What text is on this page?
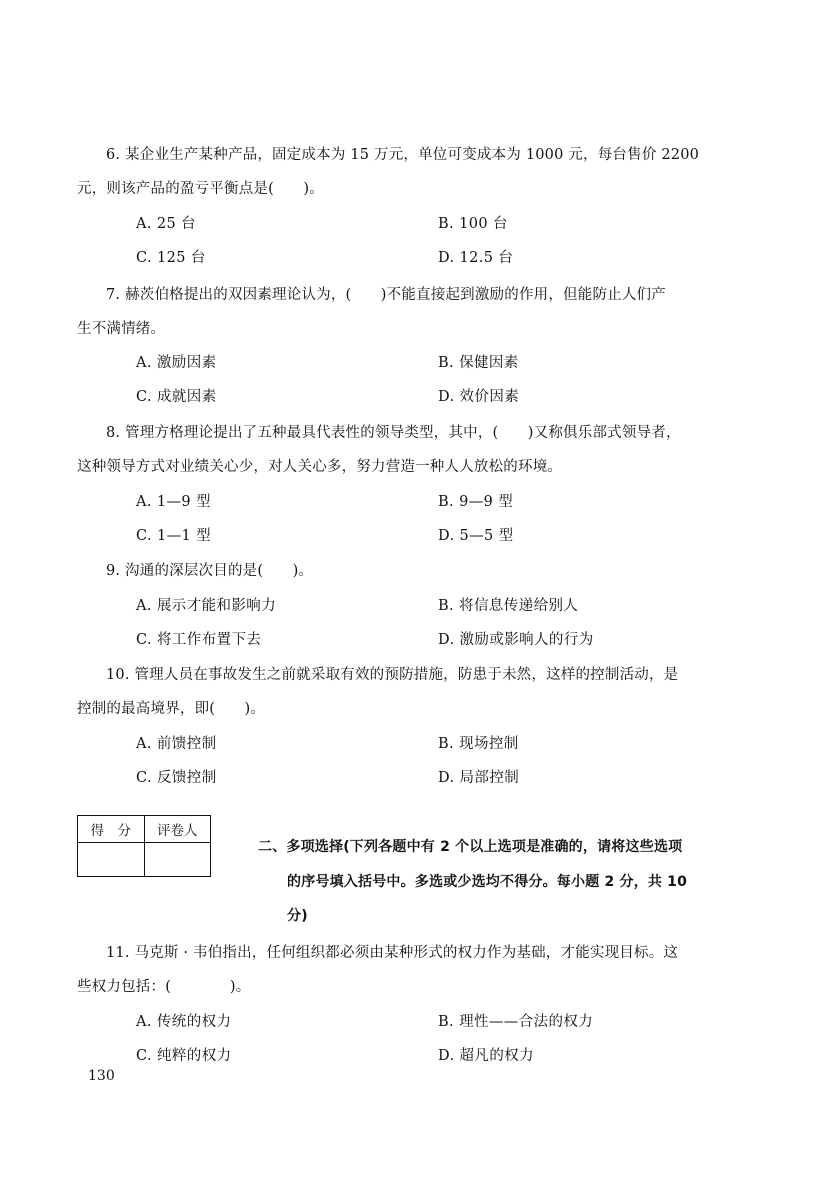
6. 某企业生产某种产品，固定成本为 15 万元，单位可变成本为 1000 元，每台售价 2200
元，则该产品的盈亏平衡点是(　　)。
A. 25 台	B. 100 台
C. 125 台	D. 12.5 台
7. 赫茨伯格提出的双因素理论认为，(　　)不能直接起到激励的作用，但能防止人们产
生不满情绪。
A. 激励因素	B. 保健因素
C. 成就因素	D. 效价因素
8. 管理方格理论提出了五种最具代表性的领导类型，其中，(　　)又称俱乐部式领导者，
这种领导方式对业绩关心少，对人关心多，努力营造一种人人放松的环境。
A. 1—9 型	B. 9—9 型
C. 1—1 型	D. 5—5 型
9. 沟通的深层次目的是(　　)。
A. 展示才能和影响力	B. 将信息传递给别人
C. 将工作布置下去	D. 激励或影响人的行为
10. 管理人员在事故发生之前就采取有效的预防措施，防患于未然，这样的控制活动，是
控制的最高境界，即(　　)。
A. 前馈控制	B. 现场控制
C. 反馈控制	D. 局部控制
得　分	评卷人

二、多项选择(下列各题中有 2 个以上选项是准确的，请将这些选项
的序号填入括号中。多选或少选均不得分。每小题 2 分，共 10
分)
11. 马克斯 · 韦伯指出，任何组织都必须由某种形式的权力作为基础，才能实现目标。这
些权力包括：(　　　　)。
A. 传统的权力	B. 理性——合法的权力
C. 纯粹的权力	D. 超凡的权力
130
